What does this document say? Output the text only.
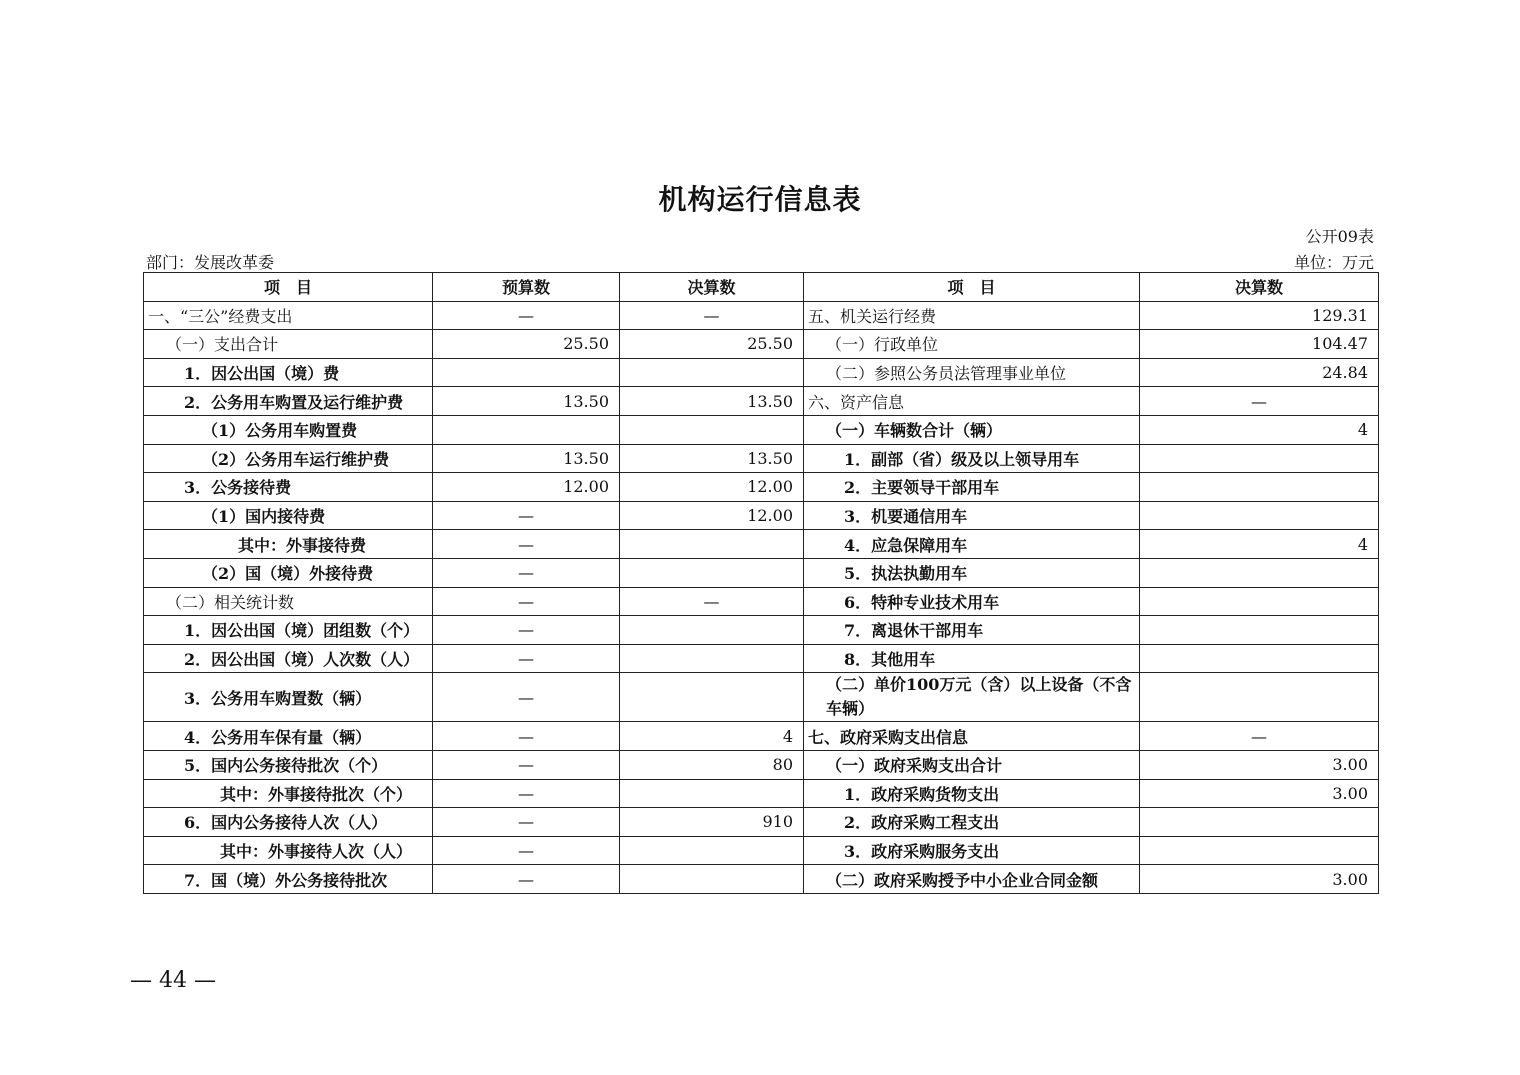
机构运行信息表
公开09表
部门：发展改革委	单位：万元
项　目	预算数	决算数	项　目	决算数
一、“三公”经费支出	—	—	五、机关运行经费	129.31
（一）支出合计	25.50	25.50	（一）行政单位	104.47
1．因公出国（境）费			（二）参照公务员法管理事业单位	24.84
2．公务用车购置及运行维护费	13.50	13.50	六、资产信息	—
（1）公务用车购置费			（一）车辆数合计（辆）	4
（2）公务用车运行维护费	13.50	13.50	1．副部（省）级及以上领导用车	
3．公务接待费	12.00	12.00	2．主要领导干部用车	
（1）国内接待费	—	12.00	3．机要通信用车	
其中：外事接待费	—		4．应急保障用车	4
（2）国（境）外接待费	—		5．执法执勤用车	
（二）相关统计数	—	—	6．特种专业技术用车	
1．因公出国（境）团组数（个）	—		7．离退休干部用车	
2．因公出国（境）人次数（人）	—		8．其他用车	
3．公务用车购置数（辆）	—		（二）单价100万元（含）以上设备（不含车辆）	
4．公务用车保有量（辆）	—	4	七、政府采购支出信息	—
5．国内公务接待批次（个）	—	80	（一）政府采购支出合计	3.00
其中：外事接待批次（个）	—		1．政府采购货物支出	3.00
6．国内公务接待人次（人）	—	910	2．政府采购工程支出	
其中：外事接待人次（人）	—		3．政府采购服务支出	
7．国（境）外公务接待批次	—		（二）政府采购授予中小企业合同金额	3.00
— 44 —
